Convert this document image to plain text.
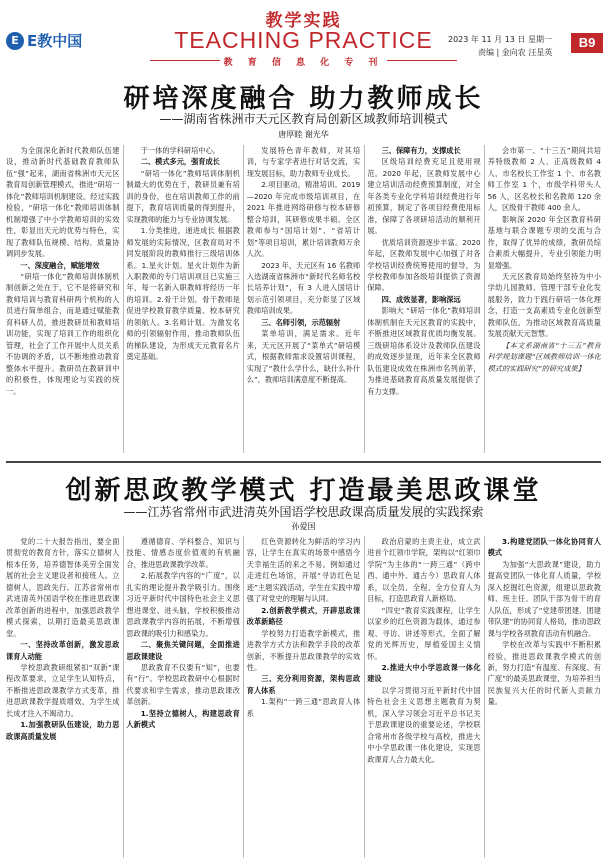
E E教中国
教学实践
TEACHING PRACTICE
教 育 信 息 化 专 刊
2023 年 11 月 13 日 星期一
责编 | 金向农 汪星英
B9
研培深度融合 助力教师成长
——湖南省株洲市天元区教育局创新区域教师培训模式
唐厚睦 谢光华

为全面深化新时代教师队伍建设，推动新时代基础教育教师队伍“强”起来，湖南省株洲市天元区教育局创新管理模式，推进“研培一体化”教师培训机制建设。经过实践检验，“研培一体化”教师培训体制机制增强了中小学教师培训的实效性，彰显出天元的优势与特色，实现了教师队伍规模、结构、质量协调同步发展。

一、深度融合，赋能增效

“研培一体化”教师培训体制机制创新之处在于，它不是将研究和教师培训与教育科研两个机构的人员进行简单组合，而是通过赋能教育科研人员，推进教研员和教师培训功能，实现了培训工作的组织化管理，社会了工作开展中人员关系不协调的矛盾，以不断地推动教育整体水平提升。教研员在教研训中的积极性，体现理论与实践的统一。

于一体的学科研培中心。

二、模式多元，强育成长

“研培一体化”教师培训体制机制最大的优势在于，教研员兼有培训的身份，也在培训教师工作的前提下，教育培训质量的得到提升，实现教师的能力与专业协调发展。

1.分类推进，递进成长 根据教师发展的实际情况，区教育局对不同发展阶段的教师推行三级培训体系。1.星火计划。星火计划作为新入职教师的专门培训项目已实施三年，每一名新入职教师将经历一年的培训。2.骨干计划。骨干教师是促进学校教育教学质量、校本研究的领航人。3.名师计划。为激发名师的引领辐射作用，推动教师队伍的梯队建设，为形成天元教育名片奠定基础。

发展特色青年教师，对其培训，与专家学者进行对话交流，实现发展目标，助力教师专业成长。

2.项目驱动，精准培训。2019—2020 年完成市级培训项目，在 2021 年推进网络研修与校本研修整合培训，其研修成果丰硕。全区教师参与“国培计划”、“省培计划”等项目培训，累计培训教师万余人次。

2023 年，天元区有 16 名教师入选湖南省株洲市“新时代名师名校长培养计划”，有 3 人进入国培计划示范引领项目，充分彰显了区域教师培训成果。

三、名师引领，示范辐射

菜单培训，满足需求。近年来，天元区开展了“菜单式”研培模式，根据教师需求设置培训课程，实现了“教什么学什么，缺什么补什么”，教师培训满意度不断提高。

三、保障有力，支撑成长

区级培训经费充足且使用规范。2020 年起，区教师发展中心建立培训活动经费预算制度，对全年各类专业化学科培训经费进行年初预算，制定了各项目经费使用标准，保障了各项研培活动的顺利开展。

优质培训资源逐步丰富。2020 年起，区教师发展中心加强了对各学校培训经费统筹使用的督导，为学校教师参加各级培训提供了资源保障。

四、成效显著，影响深远

影响大 “研培一体化”教师培训体制机制在天元区教育的实践中，不断推进区域教育优质均衡发展。三级研培体系设计及教师队伍建设的成效逐步显现，近年来全区教师队伍建设成效在株洲市名列前茅，为推进基础教育高质量发展提供了有力支撑。

会市第一、“十三五”期间共培养特级教师 2 人、正高级教师 4 人、市名校长工作室 1 个、市名教师工作室 1 个，市级学科带头人 56 人，区名校长和名教师 120 余人，区级骨干教师 400 余人。

影响深 2020 年全区教育科研基地与联合课题专项的交流与合作，取得了优异的成绩，教研员综合素质大幅提升，专业引领能力明显增强。

天元区教育局始终坚持为中小学幼儿园教师、管理干部专业化发展服务，致力于践行研培一体化理念，打造一支高素质专业化创新型教师队伍，为推动区域教育高质量发展贡献天元智慧。

【本文系湖南省“十三五”教育科学规划课题“区域教师培训一体化模式的实践研究”的研究成果】

创新思政教学模式 打造最美思政课堂
——江苏省常州市武进清英外国语学校思政课高质量发展的实践探索
孙爱国

党的二十大报告指出，要全面贯彻党的教育方针，落实立德树人根本任务，培养德智体美劳全面发展的社会主义建设者和接班人。立德树人，思政先行。江苏省常州市武进清英外国语学校在推进思政课改革创新的进程中，加强思政教学模式探索，以期打造最美思政课堂。

一、坚持改革创新，激发思政课育人动能

学校思政教研组紧扣“双新”课程改革要求，立足学生认知特点，不断推进思政课教学方式变革，推进思政课教学提质增效，为学生成长成才注入不竭动力。

1.加强教研队伍建设，助力思政课高质量发展

遵循德育、学科整合、知识与技能、情感态度价值观的有机融合，推进思政课教学改革。

2.拓展教学内容的“广度”，以扎实的理论提升教学吸引力。围绕习近平新时代中国特色社会主义思想进课堂、进头脑，学校积极推动思政课教学内容的拓展，不断增强思政课的吸引力和感染力。

二、聚焦关键问题，全面推进思政课建设

思政教育不仅要有“知”，也要有“行”。学校思政教研中心根据时代要求和学生需求，推动思政课改革创新。

1.坚持立德树人，构建思政育人新模式

红色资源转化为鲜活的学习内容，让学生在真实的场景中感悟今天幸福生活的来之不易。例如通过走进红色场馆，开展“寻访红色足迹”主题实践活动，学生在实践中增强了对党史的理解与认同。

2.创新教学模式，开辟思政课改革新路径

学校努力打造教学新模式，推进教学方式方法和教学手段的改革创新，不断提升思政课教学的实效性。

三、充分利用资源，架构思政育人体系

1.架构“一跨三通”思政育人体系

政治启蒙的主责主业，成立武进首个红领巾学院，架构以“红领巾学院”为主体的“一跨三通”（跨中西、通中外、通古今）思政育人体系，以全员、全程、全方位育人为目标，打造思政育人新格局。

“四史”教育实践课程，让学生以家乡的红色资源为载体，通过参观、寻访、讲述等形式，全面了解党的光辉历史，厚植爱国主义情怀。

2.推进大中小学思政课一体化建设

以学习贯彻习近平新时代中国特色社会主义思想主题教育为契机，深入学习领会习近平总书记关于思政课建设的重要论述，学校联合常州市各级学校与高校，推进大中小学思政课一体化建设，实现思政课育人合力最大化。

3.构建党团队一体化协同育人模式

为加强“大思政课”建设，助力提高党团队一体化育人质量，学校深入挖掘红色资源，组建以思政教师、班主任、团队干部为骨干的育人队伍，形成了“党建带团建、团建带队建”的协同育人格局，推动思政课与学校各项教育活动有机融合。

学校在改革与实践中不断积累经验，推进思政课教学模式的创新，努力打造“有温度、有深度、有广度”的最美思政课堂，为培养担当民族复兴大任的时代新人贡献力量。
